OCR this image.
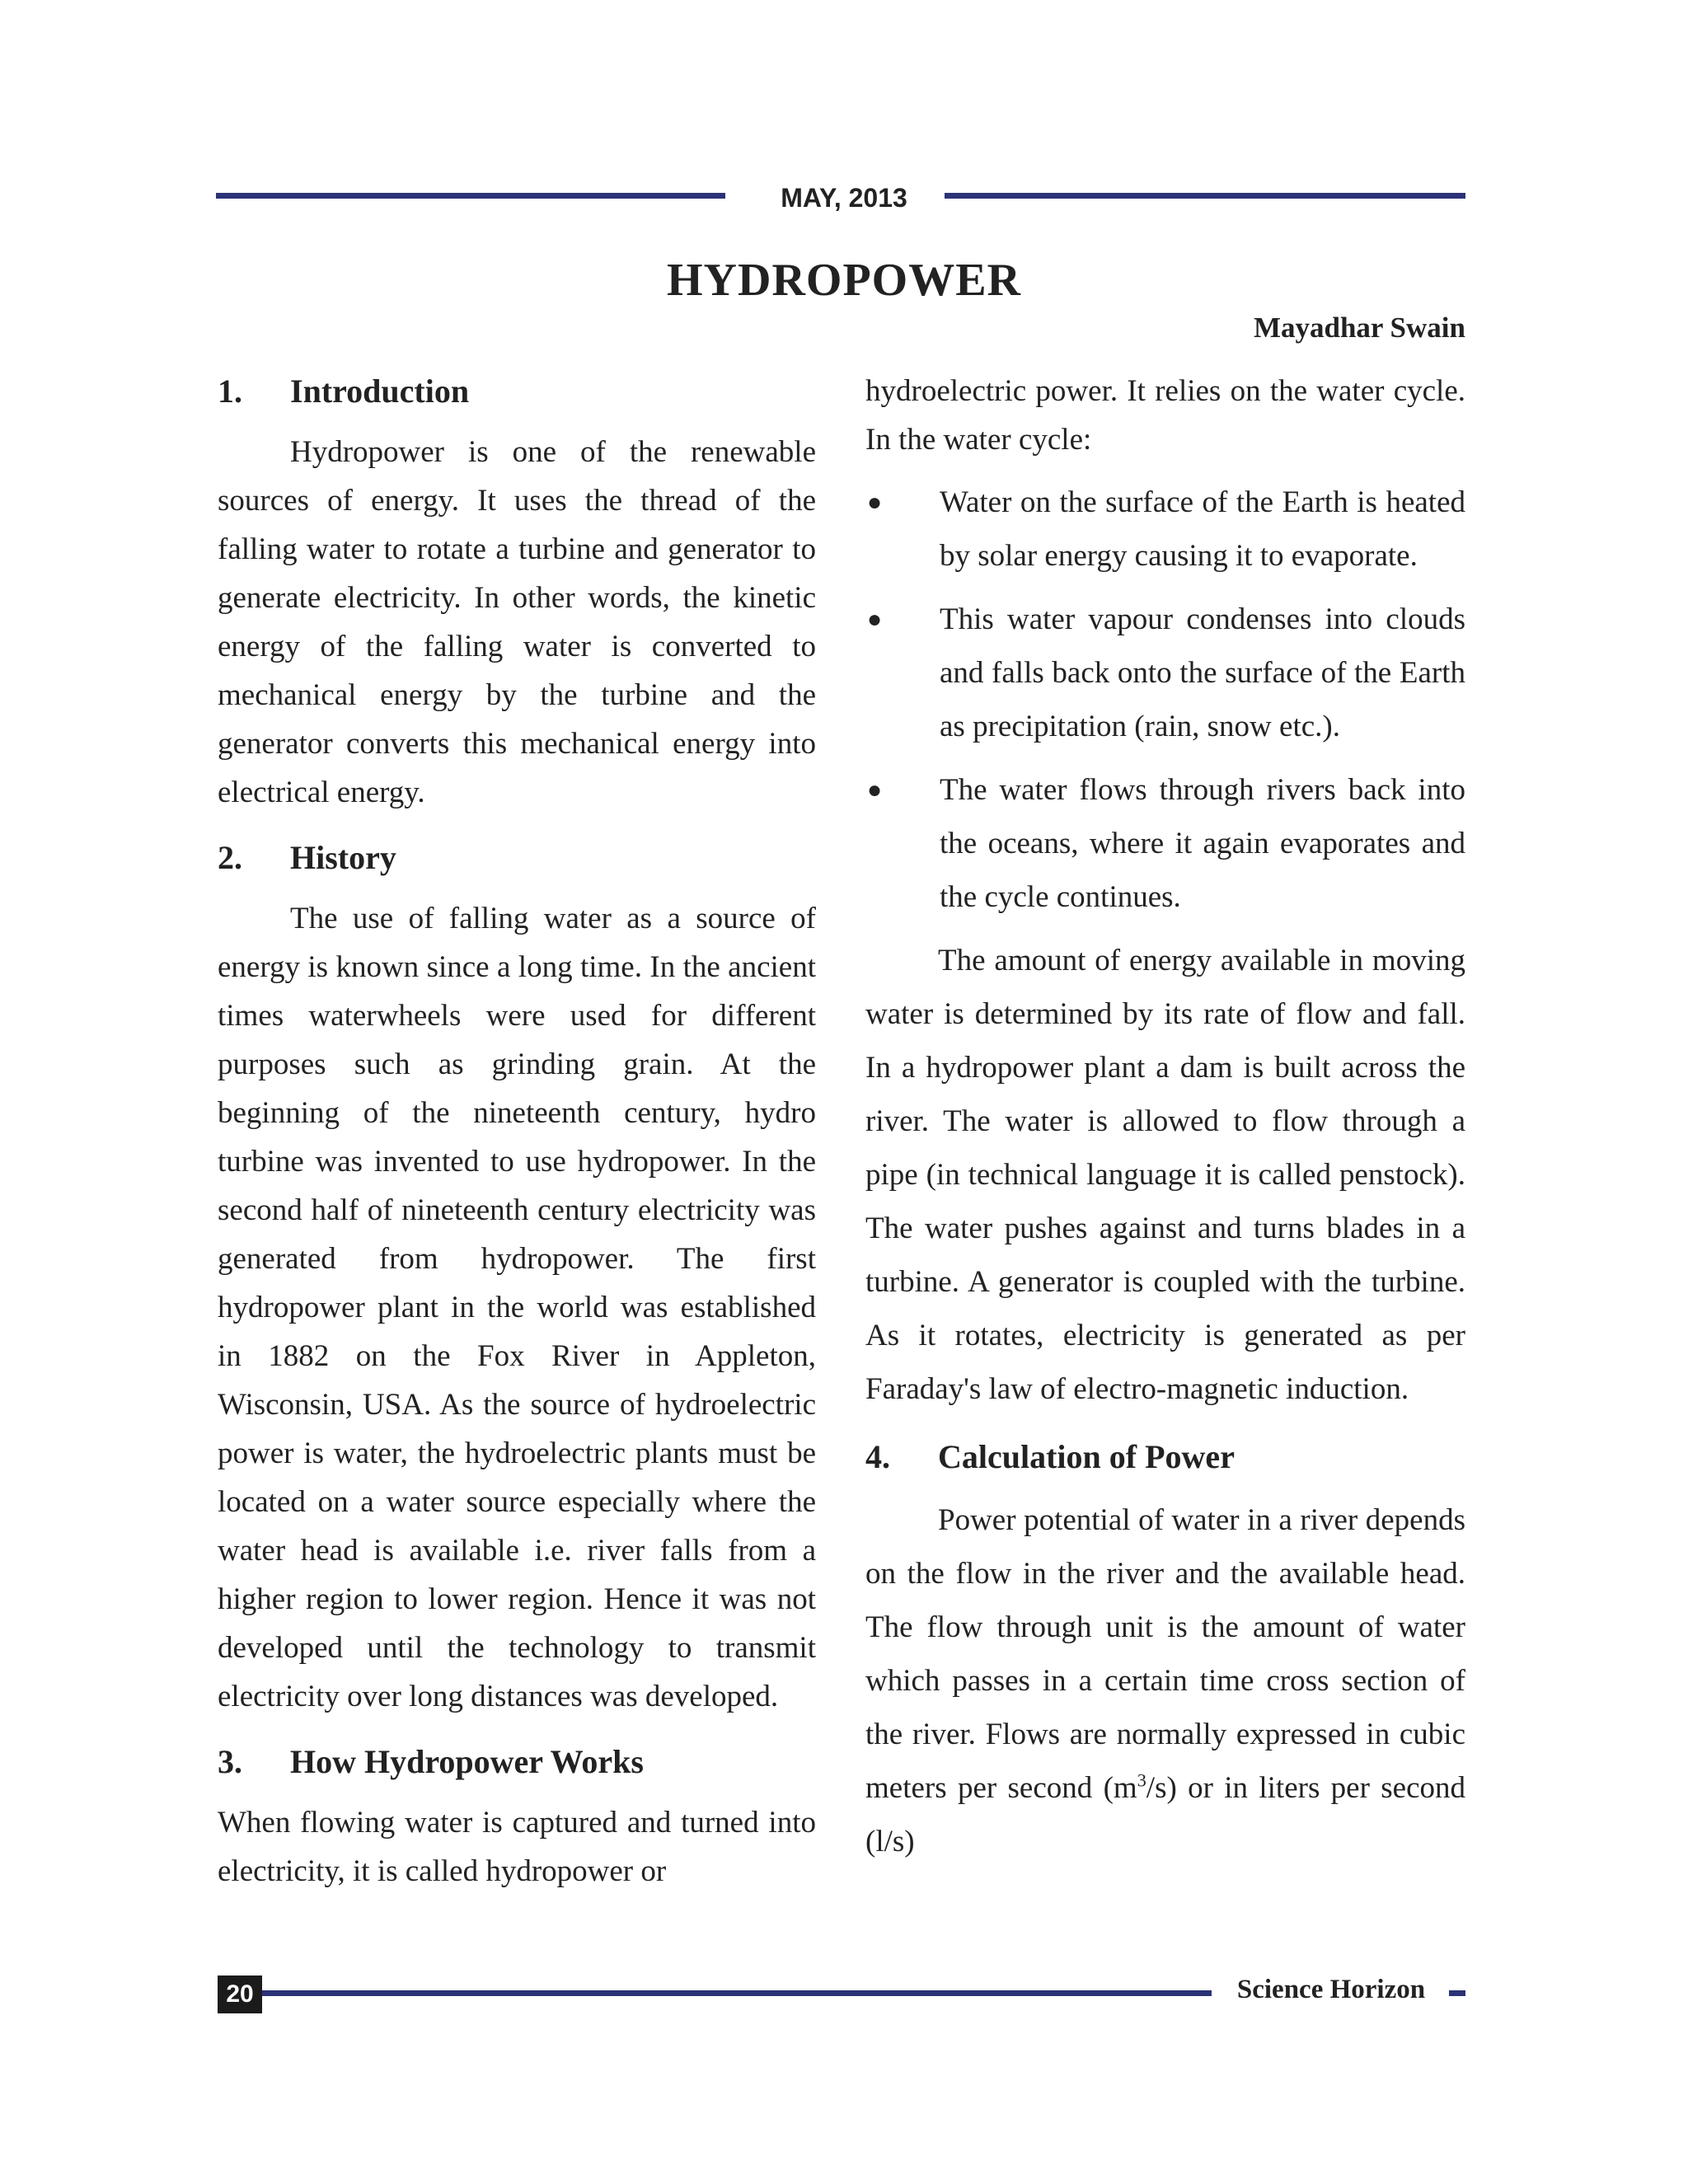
MAY, 2013
HYDROPOWER
Mayadhar Swain
1.	Introduction

Hydropower is one of the renewable sources of energy. It uses the thread of the falling water to rotate a turbine and generator to generate electricity. In other words, the kinetic energy of the falling water is converted to mechanical energy by the turbine and the generator converts this mechanical energy into electrical energy.

2.	History

The use of falling water as a source of energy is known since a long time. In the ancient times waterwheels were used for different purposes such as grinding grain. At the beginning of the nineteenth century, hydro turbine was invented to use hydropower. In the second half of nineteenth century electricity was generated from hydropower. The first hydropower plant in the world was established in 1882 on the Fox River in Appleton, Wisconsin, USA. As the source of hydroelectric power is water, the hydroelectric plants must be located on a water source especially where the water head is available i.e. river falls from a higher region to lower region. Hence it was not developed until the technology to transmit electricity over long distances was developed.

3.	How Hydropower Works

When flowing water is captured and turned into electricity, it is called hydropower or

hydroelectric power. It relies on the water cycle. In the water cycle:

●	Water on the surface of the Earth is heated by solar energy causing it to evaporate.
●	This water vapour condenses into clouds and falls back onto the surface of the Earth as precipitation (rain, snow etc.).
●	The water flows through rivers back into the oceans, where it again evaporates and the cycle continues.

The amount of energy available in moving water is determined by its rate of flow and fall. In a hydropower plant a dam is built across the river. The water is allowed to flow through a pipe (in technical language it is called penstock). The water pushes against and turns blades in a turbine. A generator is coupled with the turbine. As it rotates, electricity is generated as per Faraday's law of electro-magnetic induction.

4.	Calculation of Power

Power potential of water in a river depends on the flow in the river and the available head. The flow through unit is the amount of water which passes in a certain time cross section of the river. Flows are normally expressed in cubic meters per second $(m^3/s)$ or in liters per second (l/s)

20	Science Horizon
